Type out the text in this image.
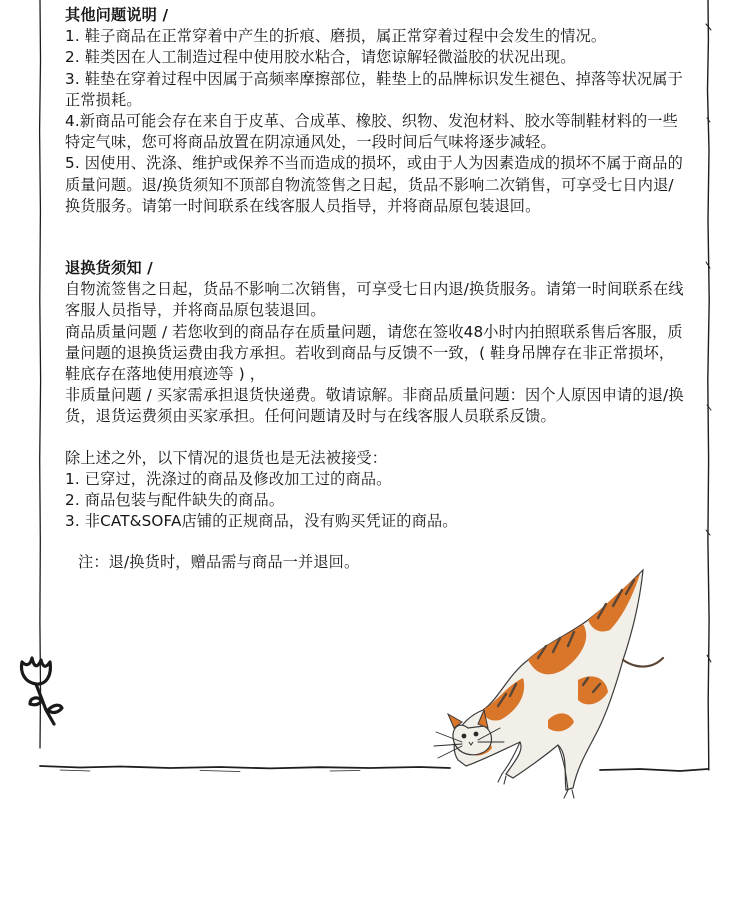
其他问题说明 /

1. 鞋子商品在正常穿着中产生的折痕、磨损，属正常穿着过程中会发生的情况。

2. 鞋类因在人工制造过程中使用胶水粘合，请您谅解轻微溢胶的状况出现。

3. 鞋垫在穿着过程中因属于高频率摩擦部位，鞋垫上的品牌标识发生褪色、掉落等状况属于正常损耗。

4.新商品可能会存在来自于皮革、合成革、橡胶、织物、发泡材料、胶水等制鞋材料的一些特定气味，您可将商品放置在阴凉通风处，一段时间后气味将逐步减轻。

5. 因使用、洗涤、维护或保养不当而造成的损坏，或由于人为因素造成的损坏不属于商品的质量问题。退/换货须知不顶部自物流签售之日起，货品不影响二次销售，可享受七日内退/换货服务。请第一时间联系在线客服人员指导，并将商品原包装退回。

退换货须知 /

自物流签售之日起，货品不影响二次销售，可享受七日内退/换货服务。请第一时间联系在线客服人员指导，并将商品原包装退回。

商品质量问题 / 若您收到的商品存在质量问题，请您在签收48小时内拍照联系售后客服，质量问题的退换货运费由我方承担。若收到商品与反馈不一致，( 鞋身吊牌存在非正常损坏，鞋底存在落地使用痕迹等 ) ，

非质量问题 / 买家需承担退货快递费。敬请谅解。非商品质量问题：因个人原因申请的退/换货，退货运费须由买家承担。任何问题请及时与在线客服人员联系反馈。

除上述之外，以下情况的退货也是无法被接受：

1. 已穿过，洗涤过的商品及修改加工过的商品。

2. 商品包装与配件缺失的商品。

3. 非CAT&SOFA店铺的正规商品，没有购买凭证的商品。

注：退/换货时，赠品需与商品一并退回。
